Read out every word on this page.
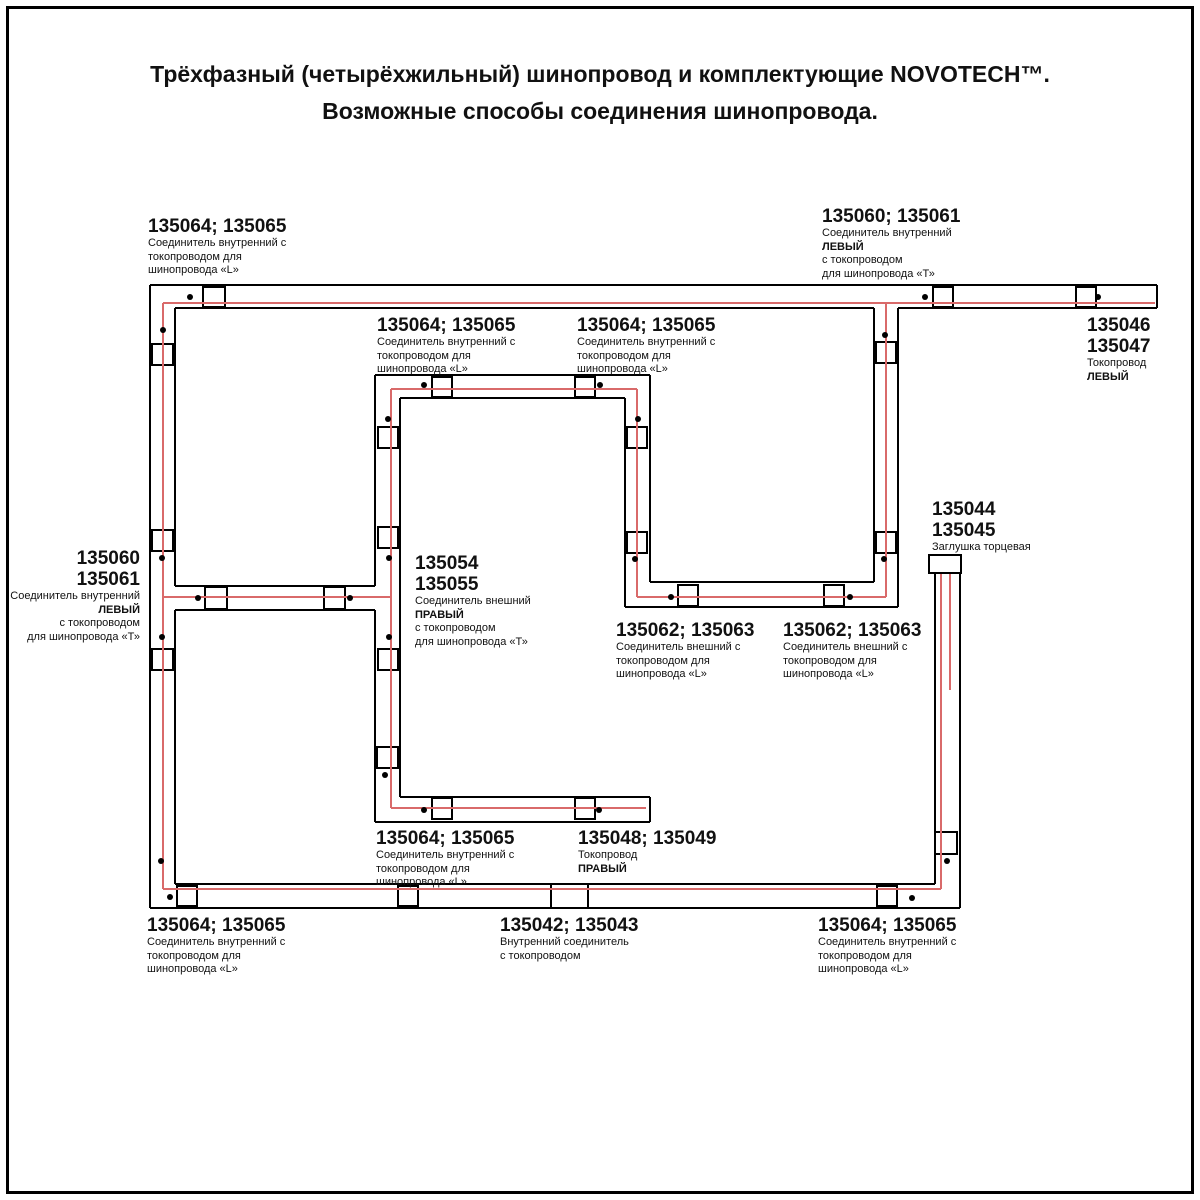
Трёхфазный (четырёхжильный) шинопровод и комплектующие NOVOTECH™.
Возможные способы соединения шинопровода.
135064; 135065
Соединитель внутренний с
токопроводом для
шинопровода «L»
135060; 135061
Соединитель внутренний
ЛЕВЫЙ
с токопроводом
для шинопровода «Т»
135046
135047
Токопровод
ЛЕВЫЙ
135064; 135065
Соединитель внутренний с
токопроводом для
шинопровода «L»
135064; 135065
Соединитель внутренний с
токопроводом для
шинопровода «L»
135060
135061
Соединитель внутренний
ЛЕВЫЙ
с токопроводом
для шинопровода «Т»
135054
135055
Соединитель внешний
ПРАВЫЙ
с токопроводом
для шинопровода «Т»
135062; 135063
Соединитель внешний с
токопроводом для
шинопровода «L»
135062; 135063
Соединитель внешний с
токопроводом для
шинопровода «L»
135044
135045
Заглушка торцевая
135064; 135065
Соединитель внутренний с
токопроводом для
шинопровода «L»
135048; 135049
Токопровод
ПРАВЫЙ
135064; 135065
Соединитель внутренний с
токопроводом для
шинопровода «L»
135042; 135043
Внутренний соединитель
с токопроводом
135064; 135065
Соединитель внутренний с
токопроводом для
шинопровода «L»
